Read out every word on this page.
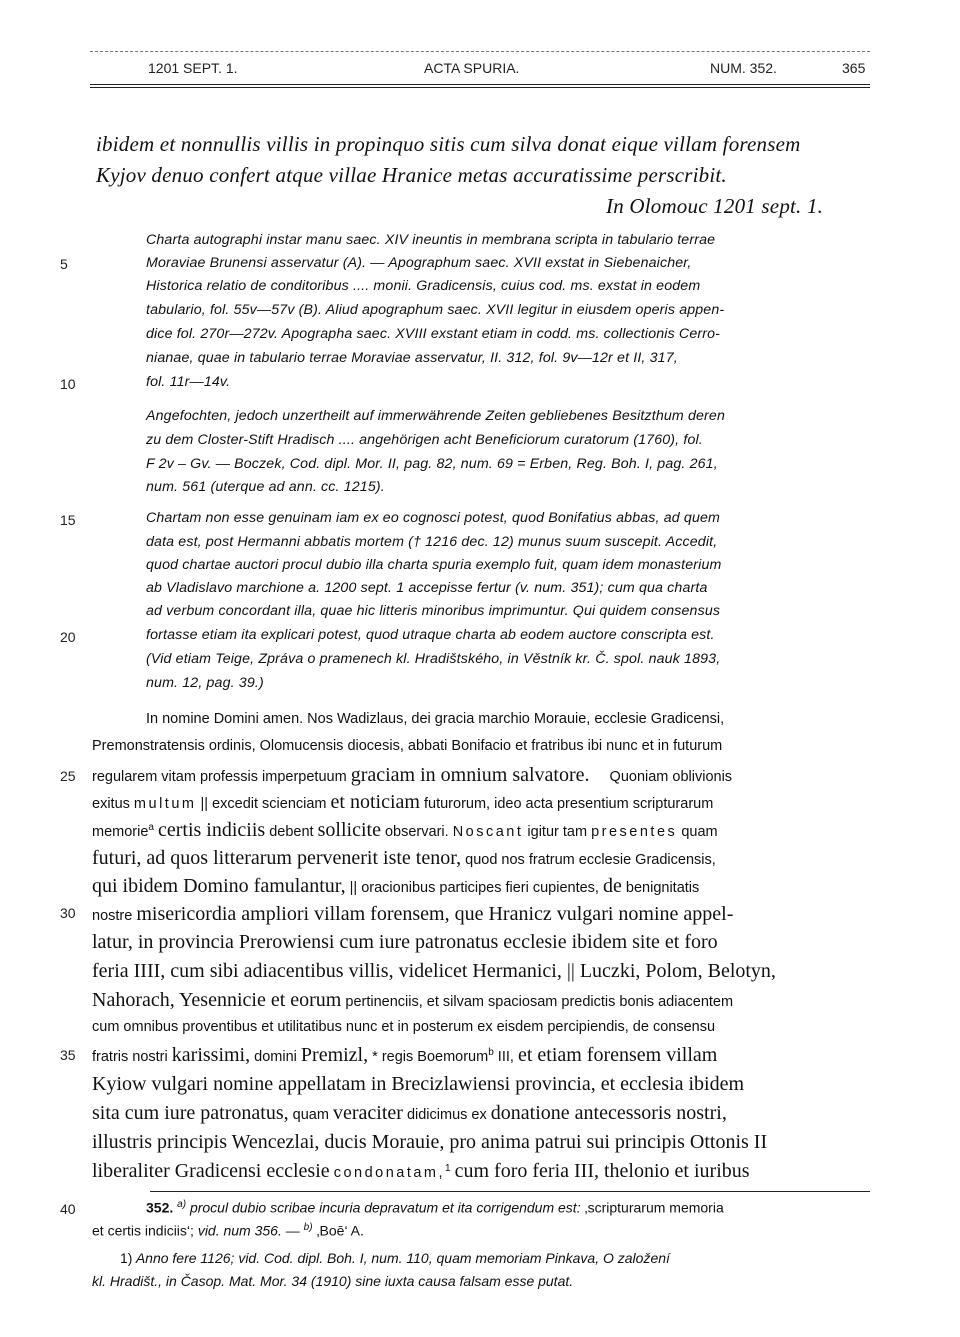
1201 SEPT. 1.	ACTA SPURIA.	NUM. 352.	365
ibidem et nonnullis villis in propinquo sitis cum silva donat eique villam forensem
Kyjov denuo confert atque villae Hranice metas accuratissime perscribit.
In Olomouc 1201 sept. 1.
Charta autographi instar manu saec. XIV ineuntis in membrana scripta in tabulario terrae
Moraviae Brunensi asservatur (A). — Apographum saec. XVII exstat in Siebenaicher,
Historica relatio de conditoribus .... monii. Gradicensis, cuius cod. ms. exstat in eodem
tabulario, fol. 55v—57v (B). Aliud apographum saec. XVII legitur in eiusdem operis appen-
dice fol. 270r—272v. Apographa saec. XVIII exstant etiam in codd. ms. collectionis Cerro-
nianae, quae in tabulario terrae Moraviae asservatur, II. 312, fol. 9v—12r et II, 317,
fol. 11r—14v.
Angefochten, jedoch unzertheilt auf immerwährende Zeiten gebliebenes Besitzthum deren
zu dem Closter-Stift Hradisch .... angehörigen acht Beneficiorum curatorum (1760), fol.
F 2v – Gv. — Boczek, Cod. dipl. Mor. II, pag. 82, num. 69 = Erben, Reg. Boh. I, pag. 261,
num. 561 (uterque ad ann. cc. 1215).
Chartam non esse genuinam iam ex eo cognosci potest, quod Bonifatius abbas, ad quem
data est, post Hermanni abbatis mortem († 1216 dec. 12) munus suum suscepit. Accedit,
quod chartae auctori procul dubio illa charta spuria exemplo fuit, quam idem monasterium
ab Vladislavo marchione a. 1200 sept. 1 accepisse fertur (v. num. 351); cum qua charta
ad verbum concordant illa, quae hic litteris minoribus imprimuntur. Qui quidem consensus
fortasse etiam ita explicari potest, quod utraque charta ab eodem auctore conscripta est.
(Vid etiam Teige, Zpráva o pramenech kl. Hradištského, in Věstník kr. Č. spol. nauk 1893,
num. 12, pag. 39.)
5
10
15
20
25
30
35
40
In nomine Domini amen. Nos Wadizlaus, dei gracia marchio Morauie, ecclesie Gradicensi,
Premonstratensis ordinis, Olomucensis diocesis, abbati Bonifacio et fratribus ibi nunc et in futurum
regularem vitam professis imperpetuum graciam in omnium salvatore. Quoniam oblivionis
exitus multum || excedit scienciam et noticiam futurorum, ideo acta presentium scripturarum
memorie$^a$ certis indiciis debent sollicite observari. Noscant igitur tam presentes quam
futuri, ad quos litterarum pervenerit iste tenor, quod nos fratrum ecclesie Gradicensis,
qui ibidem Domino famulantur, || oracionibus participes fieri cupientes, de benignitatis
nostre misericordia ampliori villam forensem, que Hranicz vulgari nomine appel-
latur, in provincia Prerowiensi cum iure patronatus ecclesie ibidem site et foro
feria IIII, cum sibi adiacentibus villis, videlicet Hermanici, || Luczki, Polom, Belotyn,
Nahorach, Yesennicie et eorum pertinenciis, et silvam spaciosam predictis bonis adiacentem
cum omnibus proventibus et utilitatibus nunc et in posterum ex eisdem percipiendis, de consensu
fratris nostri karissimi, domini Premizl, * regis Boemorum$^b$ III, et etiam forensem villam
Kyiow vulgari nomine appellatam in Brecizlawiensi provincia, et ecclesia ibidem
sita cum iure patronatus, quam veraciter didicimus ex donatione antecessoris nostri,
illustris principis Wencezlai, ducis Morauie, pro anima patrui sui principis Ottonis II
liberaliter Gradicensi ecclesie condonatam,$^1$ cum foro feria III, thelonio et iuribus
352. $^{a)}$ procul dubio scribae incuria depravatum et ita corrigendum est: ‚scripturarum memoria
et certis indiciis‘; vid. num 356. — $^{b)}$ ‚Boē‘ A.
1) Anno fere 1126; vid. Cod. dipl. Boh. I, num. 110, quam memoriam Pinkava, O založení
kl. Hradišt., in Časop. Mat. Mor. 34 (1910) sine iuxta causa falsam esse putat.
